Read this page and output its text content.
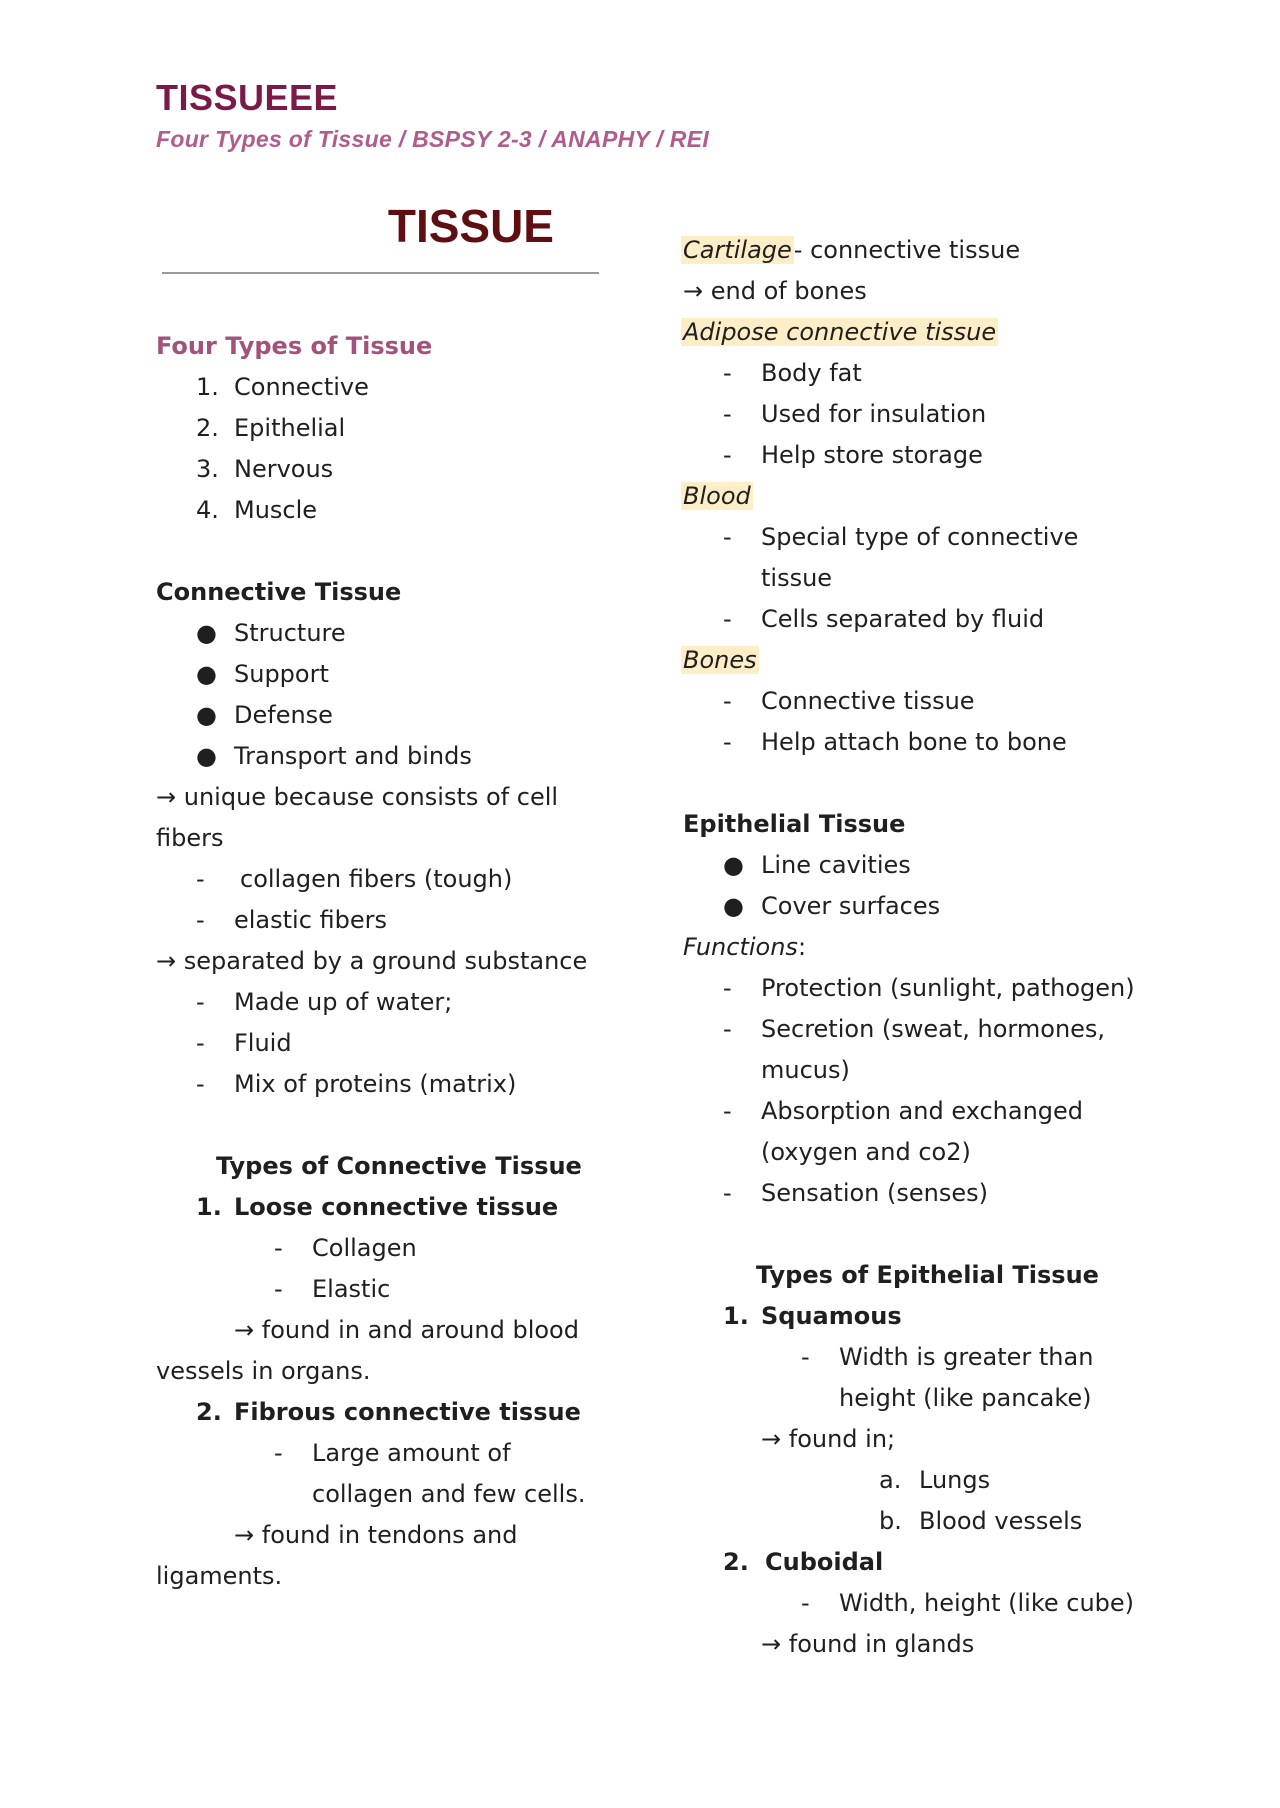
TISSUEEE
Four Types of Tissue / BSPSY 2-3 / ANAPHY / REI
TISSUE
Four Types of Tissue
1. Connective
2. Epithelial
3. Nervous
4. Muscle
Connective Tissue
● Structure
● Support
● Defense
● Transport and binds
→ unique because consists of cell
fibers
- collagen fibers (tough)
- elastic fibers
→ separated by a ground substance
- Made up of water;
- Fluid
- Mix of proteins (matrix)
Types of Connective Tissue
1. Loose connective tissue
- Collagen
- Elastic
→ found in and around blood
vessels in organs.
2. Fibrous connective tissue
- Large amount of
collagen and few cells.
→ found in tendons and
ligaments.
Cartilage- connective tissue
→ end of bones
Adipose connective tissue
- Body fat
- Used for insulation
- Help store storage
Blood
- Special type of connective
tissue
- Cells separated by fluid
Bones
- Connective tissue
- Help attach bone to bone
Epithelial Tissue
● Line cavities
● Cover surfaces
Functions:
- Protection (sunlight, pathogen)
- Secretion (sweat, hormones,
mucus)
- Absorption and exchanged
(oxygen and co2)
- Sensation (senses)
Types of Epithelial Tissue
1. Squamous
- Width is greater than
height (like pancake)
→ found in;
a. Lungs
b. Blood vessels
2. Cuboidal
- Width, height (like cube)
→ found in glands
